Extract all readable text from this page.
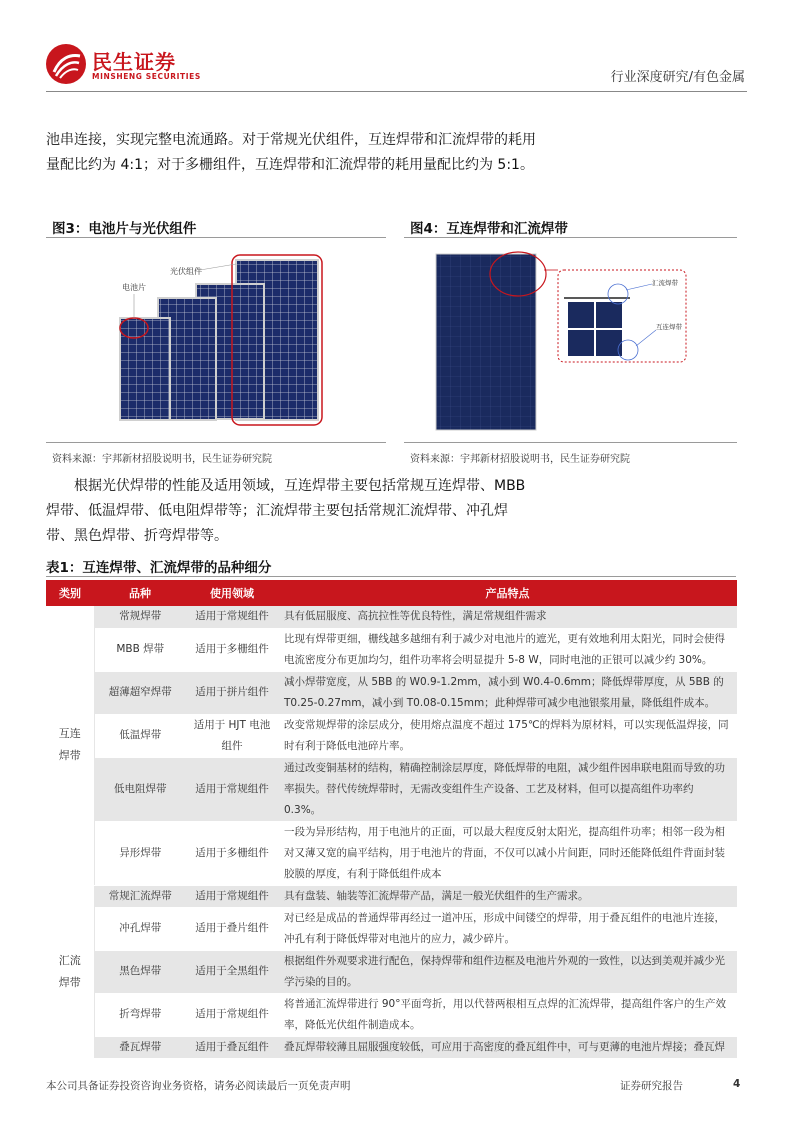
民生证券
MINSHENG SECURITIES	行业深度研究/有色金属
池串连接，实现完整电流通路。对于常规光伏组件，互连焊带和汇流焊带的耗用量配比约为 4:1；对于多栅组件，互连焊带和汇流焊带的耗用量配比约为 5:1。
图3：电池片与光伏组件
光伏组件
电池片
资料来源：宇邦新材招股说明书，民生证券研究院
图4：互连焊带和汇流焊带
汇流焊带
互连焊带
资料来源：宇邦新材招股说明书，民生证券研究院
根据光伏焊带的性能及适用领域，互连焊带主要包括常规互连焊带、MBB 焊带、低温焊带、低电阻焊带等；汇流焊带主要包括常规汇流焊带、冲孔焊带、黑色焊带、折弯焊带等。
表1：互连焊带、汇流焊带的品种细分
类别	品种	使用领域	产品特点

互连焊带	常规焊带	适用于常规组件	具有低屈服度、高抗拉性等优良特性，满足常规组件需求
	MBB 焊带	适用于多栅组件	比现有焊带更细，栅线越多越细有利于减少对电池片的遮光，更有效地利用太阳光，同时会使得电流密度分布更加均匀，组件功率将会明显提升 5-8 W，同时电池的正银可以减少约 30%。
	超薄超窄焊带	适用于拼片组件	减小焊带宽度，从 5BB 的 W0.9-1.2mm，减小到 W0.4-0.6mm；降低焊带厚度，从 5BB 的 T0.25-0.27mm，减小到 T0.08-0.15mm；此种焊带可减少电池银浆用量，降低组件成本。
	低温焊带	适用于 HJT 电池组件	改变常规焊带的涂层成分，使用熔点温度不超过 175℃的焊料为原材料，可以实现低温焊接，同时有利于降低电池碎片率。
	低电阻焊带	适用于常规组件	通过改变铜基材的结构，精确控制涂层厚度，降低焊带的电阻，减少组件因串联电阻而导致的功率损失。替代传统焊带时，无需改变组件生产设备、工艺及材料，但可以提高组件功率约 0.3%。
	异形焊带	适用于多栅组件	一段为异形结构，用于电池片的正面，可以最大程度反射太阳光，提高组件功率；相邻一段为相对又薄又宽的扁平结构，用于电池片的背面，不仅可以减小片间距，同时还能降低组件背面封装胶膜的厚度，有利于降低组件成本

汇流焊带	常规汇流焊带	适用于常规组件	具有盘装、轴装等汇流焊带产品，满足一般光伏组件的生产需求。
	冲孔焊带	适用于叠片组件	对已经是成品的普通焊带再经过一道冲压，形成中间镂空的焊带，用于叠瓦组件的电池片连接，冲孔有利于降低焊带对电池片的应力，减少碎片。
	黑色焊带	适用于全黑组件	根据组件外观要求进行配色，保持焊带和组件边框及电池片外观的一致性，以达到美观并减少光学污染的目的。
	折弯焊带	适用于常规组件	将普通汇流焊带进行 90°平面弯折，用以代替两根相互点焊的汇流焊带，提高组件客户的生产效率，降低光伏组件制造成本。
	叠瓦焊带	适用于叠瓦组件	叠瓦焊带较薄且屈服强度较低，可应用于高密度的叠瓦组件中，可与更薄的电池片焊接；叠瓦焊
本公司具备证券投资咨询业务资格，请务必阅读最后一页免责声明	证券研究报告	4
